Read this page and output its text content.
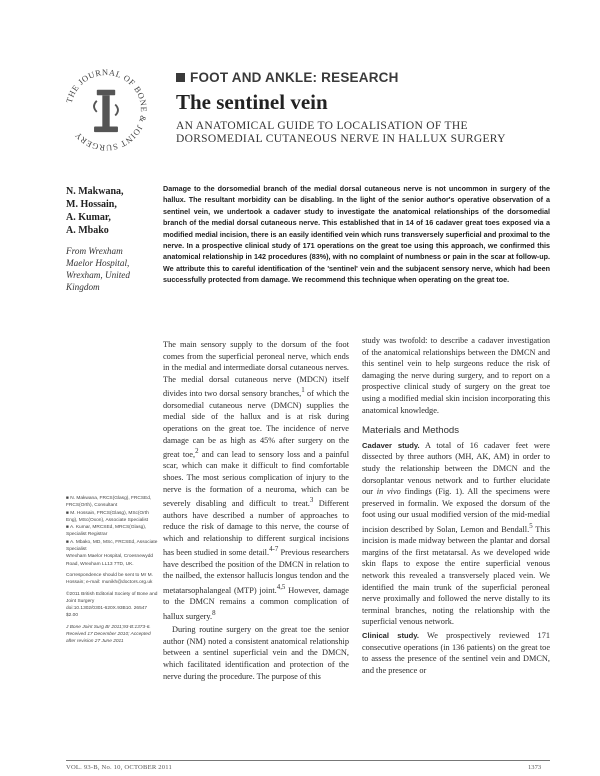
THE JOURNAL OF BONE & JOINT SURGERY
FOOT AND ANKLE: RESEARCH
The sentinel vein
AN ANATOMICAL GUIDE TO LOCALISATION OF THE
DORSOMEDIAL CUTANEOUS NERVE IN HALLUX SURGERY
N. Makwana,
M. Hossain,
A. Kumar,
A. Mbako
From Wrexham
Maelor Hospital,
Wrexham, United
Kingdom
Damage to the dorsomedial branch of the medial dorsal cutaneous nerve is not uncommon in surgery of the hallux. The resultant morbidity can be disabling. In the light of the senior author's operative observation of a sentinel vein, we undertook a cadaver study to investigate the anatomical relationships of the dorsomedial branch of the medial dorsal cutaneous nerve. This established that in 14 of 16 cadaver great toes exposed via a modified medial incision, there is an easily identified vein which runs transversely superficial and proximal to the nerve. In a prospective clinical study of 171 operations on the great toe using this approach, we confirmed this anatomical relationship in 142 procedures (83%), with no complaint of numbness or pain in the scar at follow-up. We attribute this to careful identification of the 'sentinel' vein and the subjacent sensory nerve, which had been successfully protected from damage. We recommend this technique when operating on the great toe.

The main sensory supply to the dorsum of the foot comes from the superficial peroneal nerve, which ends in the medial and intermediate dorsal cutaneous nerves. The medial dorsal cutaneous nerve (MDCN) itself divides into two dorsal sensory branches,$^1$ of which the dorsomedial cutaneous nerve (DMCN) supplies the medial side of the hallux and is at risk during operations on the great toe. The incidence of nerve damage can be as high as 45% after surgery on the great toe,$^2$ and can lead to sensory loss and a painful scar, which can make it difficult to find comfortable shoes. The most serious complication of injury to the nerve is the formation of a neuroma, which can be severely disabling and difficult to treat.$^3$ Different authors have described a number of approaches to reduce the risk of damage to this nerve, the course of which and relationship to different surgical incisions has been studied in some detail.$^{4-7}$ Previous researchers have described the position of the DMCN in relation to the nailbed, the extensor hallucis longus tendon and the metatarsophalangeal (MTP) joint.$^{4,5}$ However, damage to the DMCN remains a common complication of hallux surgery.$^8$

During routine surgery on the great toe the senior author (NM) noted a consistent anatomical relationship between a sentinel superficial vein and the DMCN, which facilitated identification and protection of the nerve during the procedure. The purpose of this

study was twofold: to describe a cadaver investigation of the anatomical relationships between the DMCN and this sentinel vein to help surgeons reduce the risk of damaging the nerve during surgery, and to report on a prospective clinical study of surgery on the great toe using a modified medial skin incision incorporating this anatomical knowledge.

Materials and Methods

Cadaver study. A total of 16 cadaver feet were dissected by three authors (MH, AK, AM) in order to study the relationship between the DMCN and the dorsoplantar venous network and to further elucidate our in vivo findings (Fig. 1). All the specimens were preserved in formalin. We exposed the dorsum of the foot using our usual modified version of the mid-medial incision described by Solan, Lemon and Bendall.$^5$ This incision is made midway between the plantar and dorsal margins of the first metatarsal. As we developed wide skin flaps to expose the entire superficial venous network this revealed a transversely placed vein. We identified the main trunk of the superficial peroneal nerve proximally and followed the nerve distally to its terminal branches, noting the relationship with the superficial venous network.

Clinical study. We prospectively reviewed 171 consecutive operations (in 136 patients) on the great toe to assess the presence of the sentinel vein and DMCN, and the presence or

■ N. Makwana, FRCS(Glasg), FRCSEd, FRCS(Orth), Consultant
■ M. Hossain, FRCS(Glasg), MSc(Orth Eng), MSc(Oxon), Associate Specialist
■ A. Kumar, MRCSEd, MRCS(Glasg), Specialist Registrar
■ A. Mbako, MD, MSc, FRCSEd, Associate Specialist
Wrexham Maelor Hospital, Croesnewydd Road, Wrexham LL13 7TD, UK.
Correspondence should be sent to Mr M. Hossain; e-mail: munikh@doctors.org.uk
©2011 British Editorial Society of Bone and Joint Surgery
doi:10.1302/0301-620X.93B10. 26547 $2.00
J Bone Joint Surg Br 2011;93-B:1373-6.
Received 17 December 2010; Accepted after revision 27 June 2011
VOL. 93-B, No. 10, OCTOBER 2011	1373
